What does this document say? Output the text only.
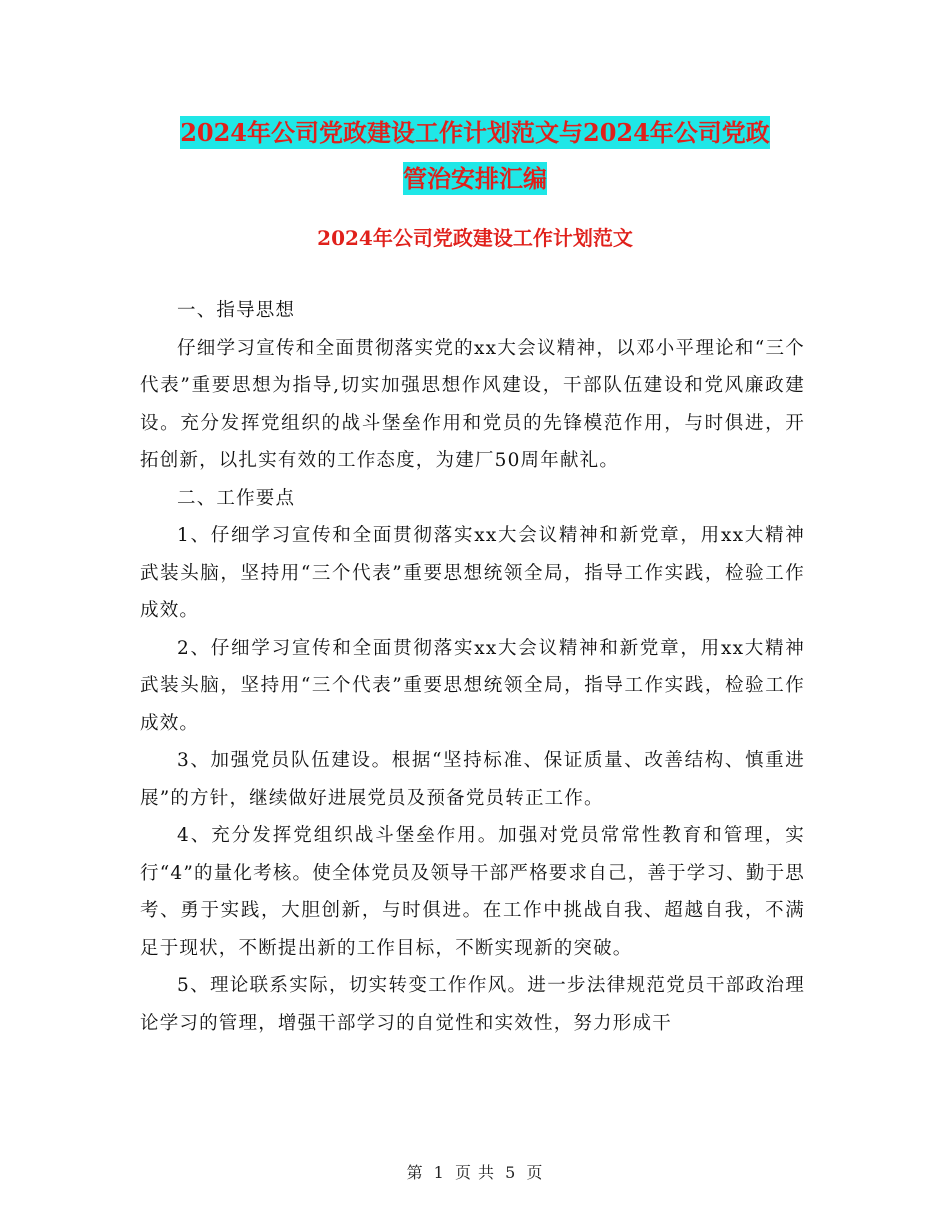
2024年公司党政建设工作计划范文与2024年公司党政
管治安排汇编
2024年公司党政建设工作计划范文

一、指导思想

仔细学习宣传和全面贯彻落实党的xx大会议精神，以邓小平理论和“三个代表”重要思想为指导,切实加强思想作风建设，干部队伍建设和党风廉政建设。充分发挥党组织的战斗堡垒作用和党员的先锋模范作用，与时俱进，开拓创新，以扎实有效的工作态度，为建厂50周年献礼。

二、工作要点

1、仔细学习宣传和全面贯彻落实xx大会议精神和新党章，用xx大精神武装头脑，坚持用“三个代表”重要思想统领全局，指导工作实践，检验工作成效。

2、仔细学习宣传和全面贯彻落实xx大会议精神和新党章，用xx大精神武装头脑，坚持用“三个代表”重要思想统领全局，指导工作实践，检验工作成效。

3、加强党员队伍建设。根据“坚持标准、保证质量、改善结构、慎重进展”的方针，继续做好进展党员及预备党员转正工作。

4、充分发挥党组织战斗堡垒作用。加强对党员常常性教育和管理，实行“4”的量化考核。使全体党员及领导干部严格要求自己，善于学习、勤于思考、勇于实践，大胆创新，与时俱进。在工作中挑战自我、超越自我，不满足于现状，不断提出新的工作目标，不断实现新的突破。

5、理论联系实际，切实转变工作作风。进一步法律规范党员干部政治理论学习的管理，增强干部学习的自觉性和实效性，努力形成干

第 1 页 共 5 页
